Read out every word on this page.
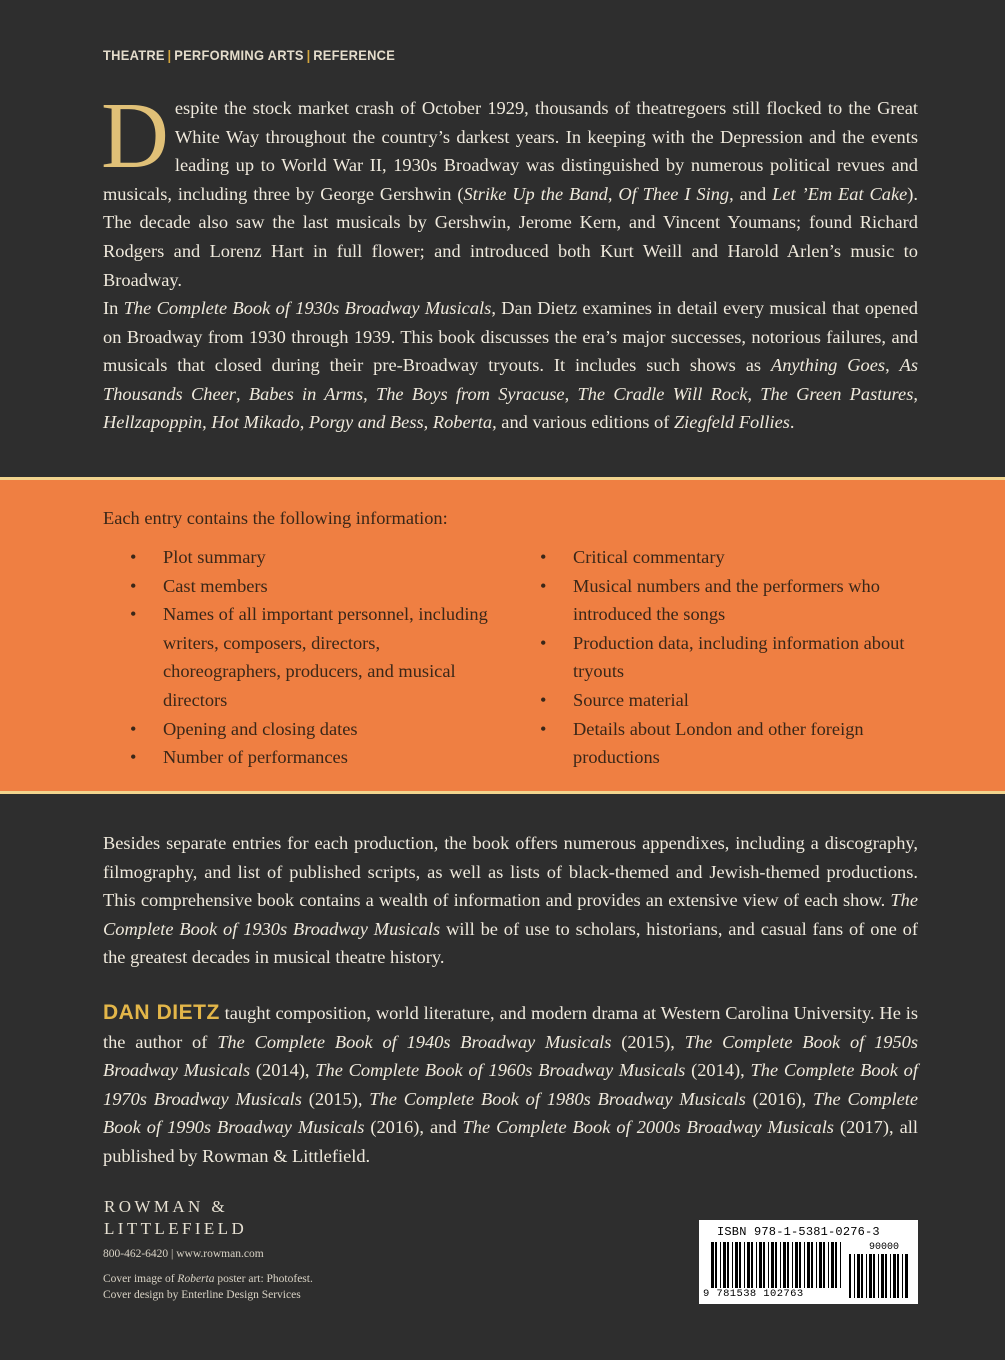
THEATRE | PERFORMING ARTS | REFERENCE
Despite the stock market crash of October 1929, thousands of theatregoers still flocked to the Great White Way throughout the country’s darkest years. In keeping with the Depression and the events leading up to World War II, 1930s Broadway was distinguished by numerous political revues and musicals, including three by George Gershwin (Strike Up the Band, Of Thee I Sing, and Let ’Em Eat Cake). The decade also saw the last musicals by Gershwin, Jerome Kern, and Vincent Youmans; found Richard Rodgers and Lorenz Hart in full flower; and introduced both Kurt Weill and Harold Arlen’s music to Broadway.
In The Complete Book of 1930s Broadway Musicals, Dan Dietz examines in detail every musical that opened on Broadway from 1930 through 1939. This book discusses the era’s major successes, notorious failures, and musicals that closed during their pre-Broadway tryouts. It includes such shows as Anything Goes, As Thousands Cheer, Babes in Arms, The Boys from Syracuse, The Cradle Will Rock, The Green Pastures, Hellzapoppin, Hot Mikado, Porgy and Bess, Roberta, and various editions of Ziegfeld Follies.
Each entry contains the following information:
• Plot summary
• Cast members
• Names of all important personnel, including writers, composers, directors, choreographers, producers, and musical directors
• Opening and closing dates
• Number of performances
• Critical commentary
• Musical numbers and the performers who introduced the songs
• Production data, including information about tryouts
• Source material
• Details about London and other foreign productions
Besides separate entries for each production, the book offers numerous appendixes, including a discography, filmography, and list of published scripts, as well as lists of black-themed and Jewish-themed productions. This comprehensive book contains a wealth of information and provides an extensive view of each show. The Complete Book of 1930s Broadway Musicals will be of use to scholars, historians, and casual fans of one of the greatest decades in musical theatre history.
DAN DIETZ taught composition, world literature, and modern drama at Western Carolina University. He is the author of The Complete Book of 1940s Broadway Musicals (2015), The Complete Book of 1950s Broadway Musicals (2014), The Complete Book of 1960s Broadway Musicals (2014), The Complete Book of 1970s Broadway Musicals (2015), The Complete Book of 1980s Broadway Musicals (2016), The Complete Book of 1990s Broadway Musicals (2016), and The Complete Book of 2000s Broadway Musicals (2017), all published by Rowman & Littlefield.
ROWMAN &
LITTLEFIELD
800-462-6420 | www.rowman.com
Cover image of Roberta poster art: Photofest.
Cover design by Enterline Design Services
ISBN 978-1-5381-0276-3
90000
9 781538 102763
